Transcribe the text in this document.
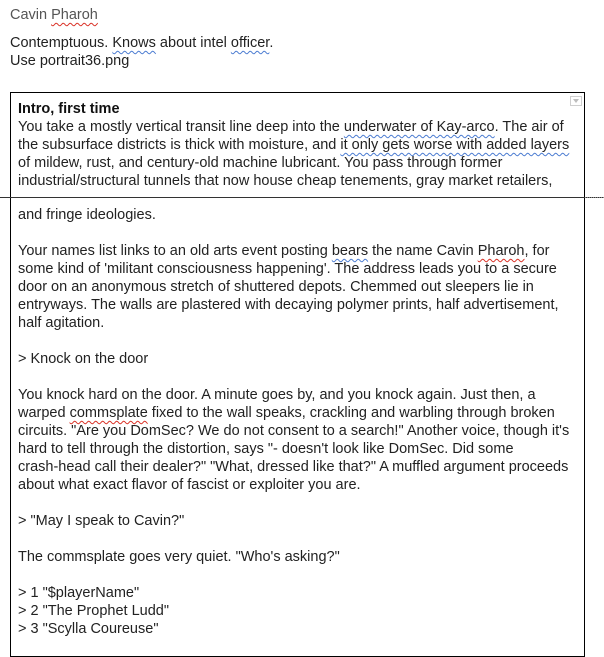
Cavin Pharoh
Contemptuous. Knows about intel officer.
Use portrait36.png
Intro, first time
You take a mostly vertical transit line deep into the underwater of Kay-arco. The air of
the subsurface districts is thick with moisture, and it only gets worse with added layers
of mildew, rust, and century-old machine lubricant. You pass through former
industrial/structural tunnels that now house cheap tenements, gray market retailers,
and fringe ideologies.
Your names list links to an old arts event posting bears the name Cavin Pharoh, for
some kind of 'militant consciousness happening'. The address leads you to a secure
door on an anonymous stretch of shuttered depots. Chemmed out sleepers lie in
entryways. The walls are plastered with decaying polymer prints, half advertisement,
half agitation.
> Knock on the door
You knock hard on the door. A minute goes by, and you knock again. Just then, a
warped commsplate fixed to the wall speaks, crackling and warbling through broken
circuits. "Are you DomSec? We do not consent to a search!" Another voice, though it's
hard to tell through the distortion, says "- doesn't look like DomSec. Did some
crash-head call their dealer?" "What, dressed like that?" A muffled argument proceeds
about what exact flavor of fascist or exploiter you are.
> "May I speak to Cavin?"
The commsplate goes very quiet. "Who's asking?"
> 1 "$playerName"
> 2 "The Prophet Ludd"
> 3 "Scylla Coureuse"
